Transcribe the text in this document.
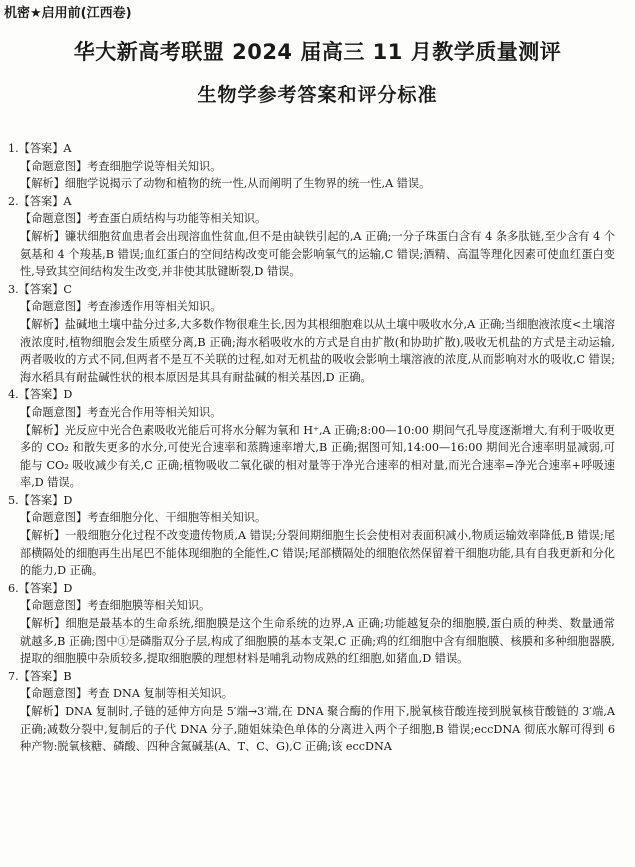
机密★启用前(江西卷)
华大新高考联盟 2024 届高三 11 月教学质量测评
生物学参考答案和评分标准
1.【答案】A
【命题意图】考查细胞学说等相关知识。
【解析】细胞学说揭示了动物和植物的统一性,从而阐明了生物界的统一性,A 错误。
2.【答案】A
【命题意图】考查蛋白质结构与功能等相关知识。
【解析】镰状细胞贫血患者会出现溶血性贫血,但不是由缺铁引起的,A 正确;一分子珠蛋白含有 4 条多肽链,至少含有 4 个氨基和 4 个羧基,B 错误;血红蛋白的空间结构改变可能会影响氧气的运输,C 错误;酒精、高温等理化因素可使血红蛋白变性,导致其空间结构发生改变,并非使其肽键断裂,D 错误。
3.【答案】C
【命题意图】考查渗透作用等相关知识。
【解析】盐碱地土壤中盐分过多,大多数作物很难生长,因为其根细胞难以从土壤中吸收水分,A 正确;当细胞液浓度<土壤溶液浓度时,植物细胞会发生质壁分离,B 正确;海水稻吸收水的方式是自由扩散(和协助扩散),吸收无机盐的方式是主动运输,两者吸收的方式不同,但两者不是互不关联的过程,如对无机盐的吸收会影响土壤溶液的浓度,从而影响对水的吸收,C 错误;海水稻具有耐盐碱性状的根本原因是其具有耐盐碱的相关基因,D 正确。
4.【答案】D
【命题意图】考查光合作用等相关知识。
【解析】光反应中光合色素吸收光能后可将水分解为氧和 H⁺,A 正确;8:00—10:00 期间气孔导度逐渐增大,有利于吸收更多的 CO₂ 和散失更多的水分,可使光合速率和蒸腾速率增大,B 正确;据图可知,14:00—16:00 期间光合速率明显减弱,可能与 CO₂ 吸收减少有关,C 正确;植物吸收二氧化碳的相对量等于净光合速率的相对量,而光合速率=净光合速率+呼吸速率,D 错误。
5.【答案】D
【命题意图】考查细胞分化、干细胞等相关知识。
【解析】一般细胞分化过程不改变遗传物质,A 错误;分裂间期细胞生长会使相对表面积减小,物质运输效率降低,B 错误;尾部横隔处的细胞再生出尾巴不能体现细胞的全能性,C 错误;尾部横隔处的细胞依然保留着干细胞功能,具有自我更新和分化的能力,D 正确。
6.【答案】D
【命题意图】考查细胞膜等相关知识。
【解析】细胞是最基本的生命系统,细胞膜是这个生命系统的边界,A 正确;功能越复杂的细胞膜,蛋白质的种类、数量通常就越多,B 正确;图中①是磷脂双分子层,构成了细胞膜的基本支架,C 正确;鸡的红细胞中含有细胞膜、核膜和多种细胞器膜,提取的细胞膜中杂质较多,提取细胞膜的理想材料是哺乳动物成熟的红细胞,如猪血,D 错误。
7.【答案】B
【命题意图】考查 DNA 复制等相关知识。
【解析】DNA 复制时,子链的延伸方向是 5′端→3′端,在 DNA 聚合酶的作用下,脱氧核苷酸连接到脱氧核苷酸链的 3′端,A 正确;减数分裂中,复制后的子代 DNA 分子,随姐妹染色单体的分离进入两个子细胞,B 错误;eccDNA 彻底水解可得到 6 种产物:脱氧核糖、磷酸、四种含氮碱基(A、T、C、G),C 正确;该 eccDNA
